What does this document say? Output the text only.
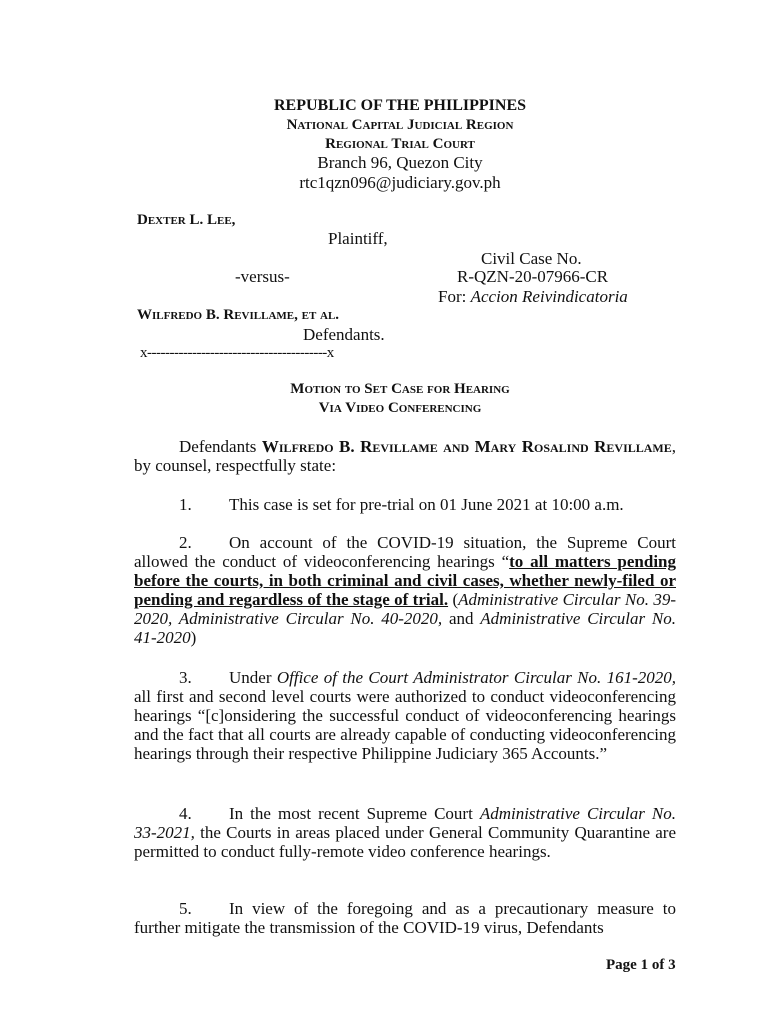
REPUBLIC OF THE PHILIPPINES
National Capital Judicial Region
Regional Trial Court
Branch 96, Quezon City
rtc1qzn096@judiciary.gov.ph
Dexter L. Lee,
Plaintiff,
Civil Case No.
-versus-	R-QZN-20-07966-CR
For: Accion Reivindicatoria
Wilfredo B. Revillame, et al.
Defendants.
x----------------------------------------x
Motion to Set Case for Hearing
Via Video Conferencing
Defendants Wilfredo B. Revillame and Mary Rosalind Revillame, by counsel, respectfully state:
1. This case is set for pre-trial on 01 June 2021 at 10:00 a.m.
2. On account of the COVID-19 situation, the Supreme Court allowed the conduct of videoconferencing hearings “to all matters pending before the courts, in both criminal and civil cases, whether newly-filed or pending and regardless of the stage of trial. (Administrative Circular No. 39-2020, Administrative Circular No. 40-2020, and Administrative Circular No. 41-2020)
3. Under Office of the Court Administrator Circular No. 161-2020, all first and second level courts were authorized to conduct videoconferencing hearings “[c]onsidering the successful conduct of videoconferencing hearings and the fact that all courts are already capable of conducting videoconferencing hearings through their respective Philippine Judiciary 365 Accounts.”
4. In the most recent Supreme Court Administrative Circular No. 33-2021, the Courts in areas placed under General Community Quarantine are permitted to conduct fully-remote video conference hearings.
5. In view of the foregoing and as a precautionary measure to further mitigate the transmission of the COVID-19 virus, Defendants
Page 1 of 3
